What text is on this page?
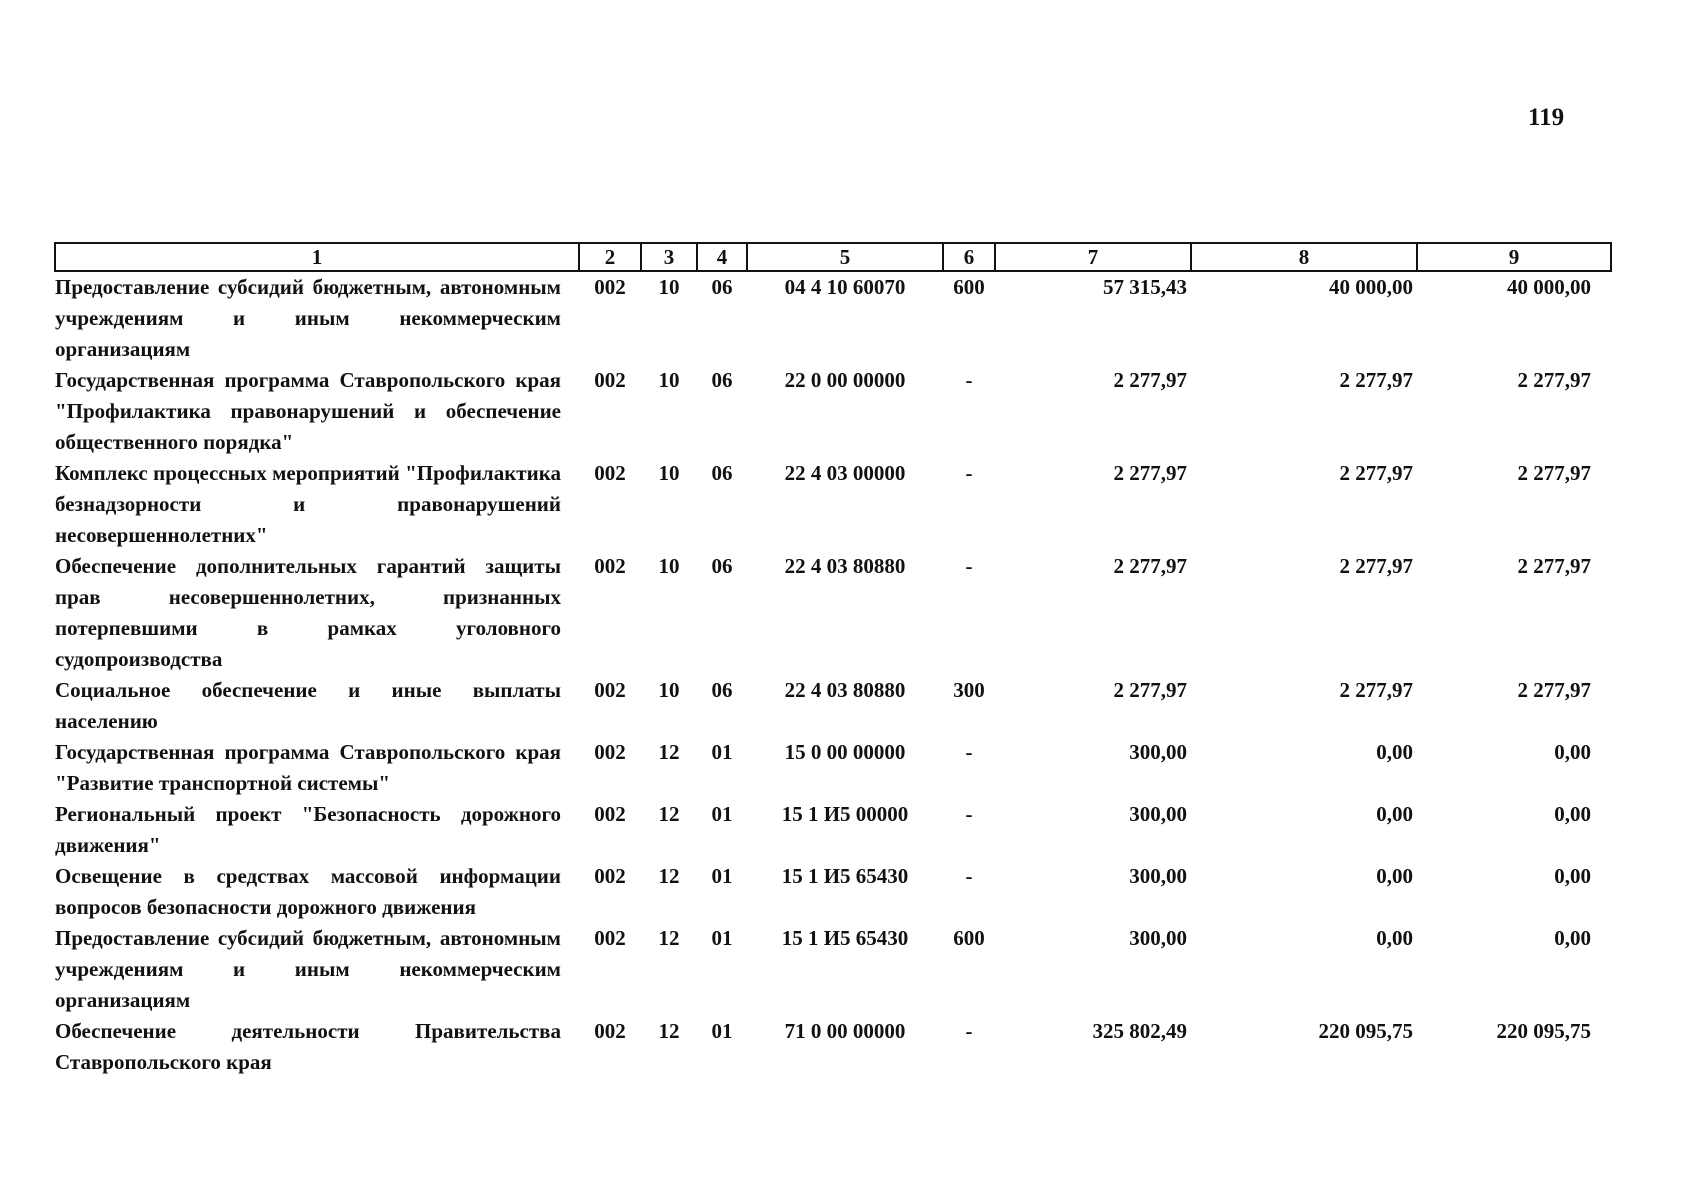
119
1	2	3	4	5	6	7	8	9
Предоставление субсидий бюджетным, автономным учреждениям и иным некоммерческим организациям	002	10	06	04 4 10 60070	600	57 315,43	40 000,00	40 000,00
Государственная программа Ставропольского края "Профилактика правонарушений и обеспечение общественного порядка"	002	10	06	22 0 00 00000	-	2 277,97	2 277,97	2 277,97
Комплекс процессных мероприятий "Профилактика безнадзорности и правонарушений несовершеннолетних"	002	10	06	22 4 03 00000	-	2 277,97	2 277,97	2 277,97
Обеспечение дополнительных гарантий защиты прав несовершеннолетних, признанных потерпевшими в рамках уголовного судопроизводства	002	10	06	22 4 03 80880	-	2 277,97	2 277,97	2 277,97
Социальное обеспечение и иные выплаты населению	002	10	06	22 4 03 80880	300	2 277,97	2 277,97	2 277,97
Государственная программа Ставропольского края "Развитие транспортной системы"	002	12	01	15 0 00 00000	-	300,00	0,00	0,00
Региональный проект "Безопасность дорожного движения"	002	12	01	15 1 И5 00000	-	300,00	0,00	0,00
Освещение в средствах массовой информации вопросов безопасности дорожного движения	002	12	01	15 1 И5 65430	-	300,00	0,00	0,00
Предоставление субсидий бюджетным, автономным учреждениям и иным некоммерческим организациям	002	12	01	15 1 И5 65430	600	300,00	0,00	0,00
Обеспечение деятельности Правительства Ставропольского края	002	12	01	71 0 00 00000	-	325 802,49	220 095,75	220 095,75
